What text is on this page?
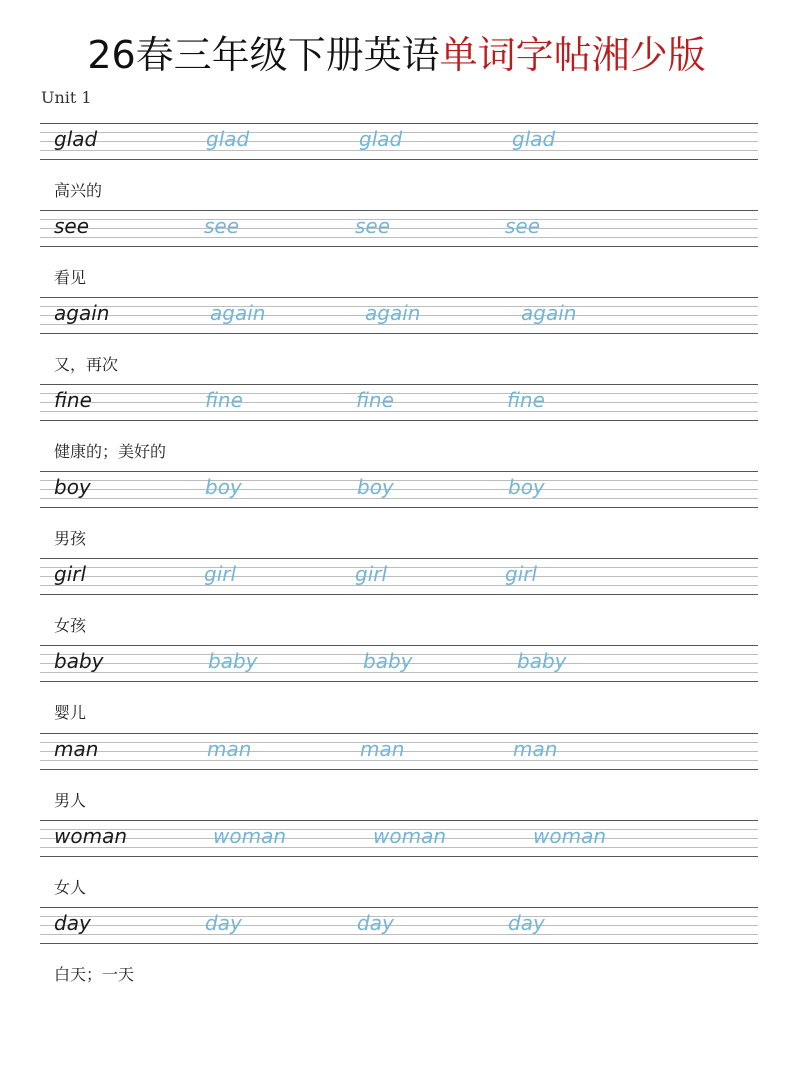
26春三年级下册英语单词字帖湘少版
Unit 1
glad	glad	glad	glad
高兴的
see	see	see	see
看见
again	again	again	again
又，再次
fine	fine	fine	fine
健康的；美好的
boy	boy	boy	boy
男孩
girl	girl	girl	girl
女孩
baby	baby	baby	baby
婴儿
man	man	man	man
男人
woman	woman	woman	woman
女人
day	day	day	day
白天；一天
